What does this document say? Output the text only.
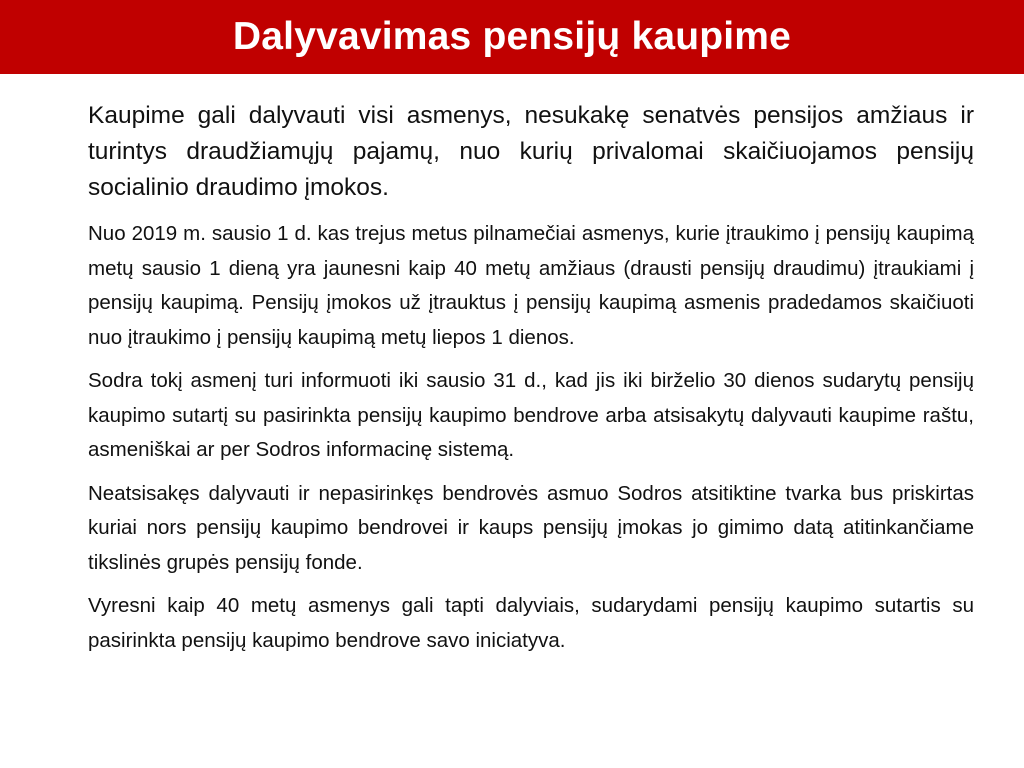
Dalyvavimas pensijų kaupime

Kaupime gali dalyvauti visi asmenys, nesukakę senatvės pensijos amžiaus ir turintys draudžiamųjų pajamų, nuo kurių privalomai skaičiuojamos pensijų socialinio draudimo įmokos.

Nuo 2019 m. sausio 1 d. kas trejus metus pilnamečiai asmenys, kurie įtraukimo į pensijų kaupimą metų sausio 1 dieną yra jaunesni kaip 40 metų amžiaus (drausti pensijų draudimu) įtraukiami į pensijų kaupimą. Pensijų įmokos už įtrauktus į pensijų kaupimą asmenis pradedamos skaičiuoti nuo įtraukimo į pensijų kaupimą metų liepos 1 dienos.

Sodra tokį asmenį turi informuoti iki sausio 31 d., kad jis iki birželio 30 dienos sudarytų pensijų kaupimo sutartį su pasirinkta pensijų kaupimo bendrove arba atsisakytų dalyvauti kaupime raštu, asmeniškai ar per Sodros informacinę sistemą.

Neatsisakęs dalyvauti ir nepasirinkęs bendrovės asmuo Sodros atsitiktine tvarka bus priskirtas kuriai nors pensijų kaupimo bendrovei ir kaups pensijų įmokas jo gimimo datą atitinkančiame tikslinės grupės pensijų fonde.

Vyresni kaip 40 metų asmenys gali tapti dalyviais, sudarydami pensijų kaupimo sutartis su pasirinkta pensijų kaupimo bendrove savo iniciatyva.
